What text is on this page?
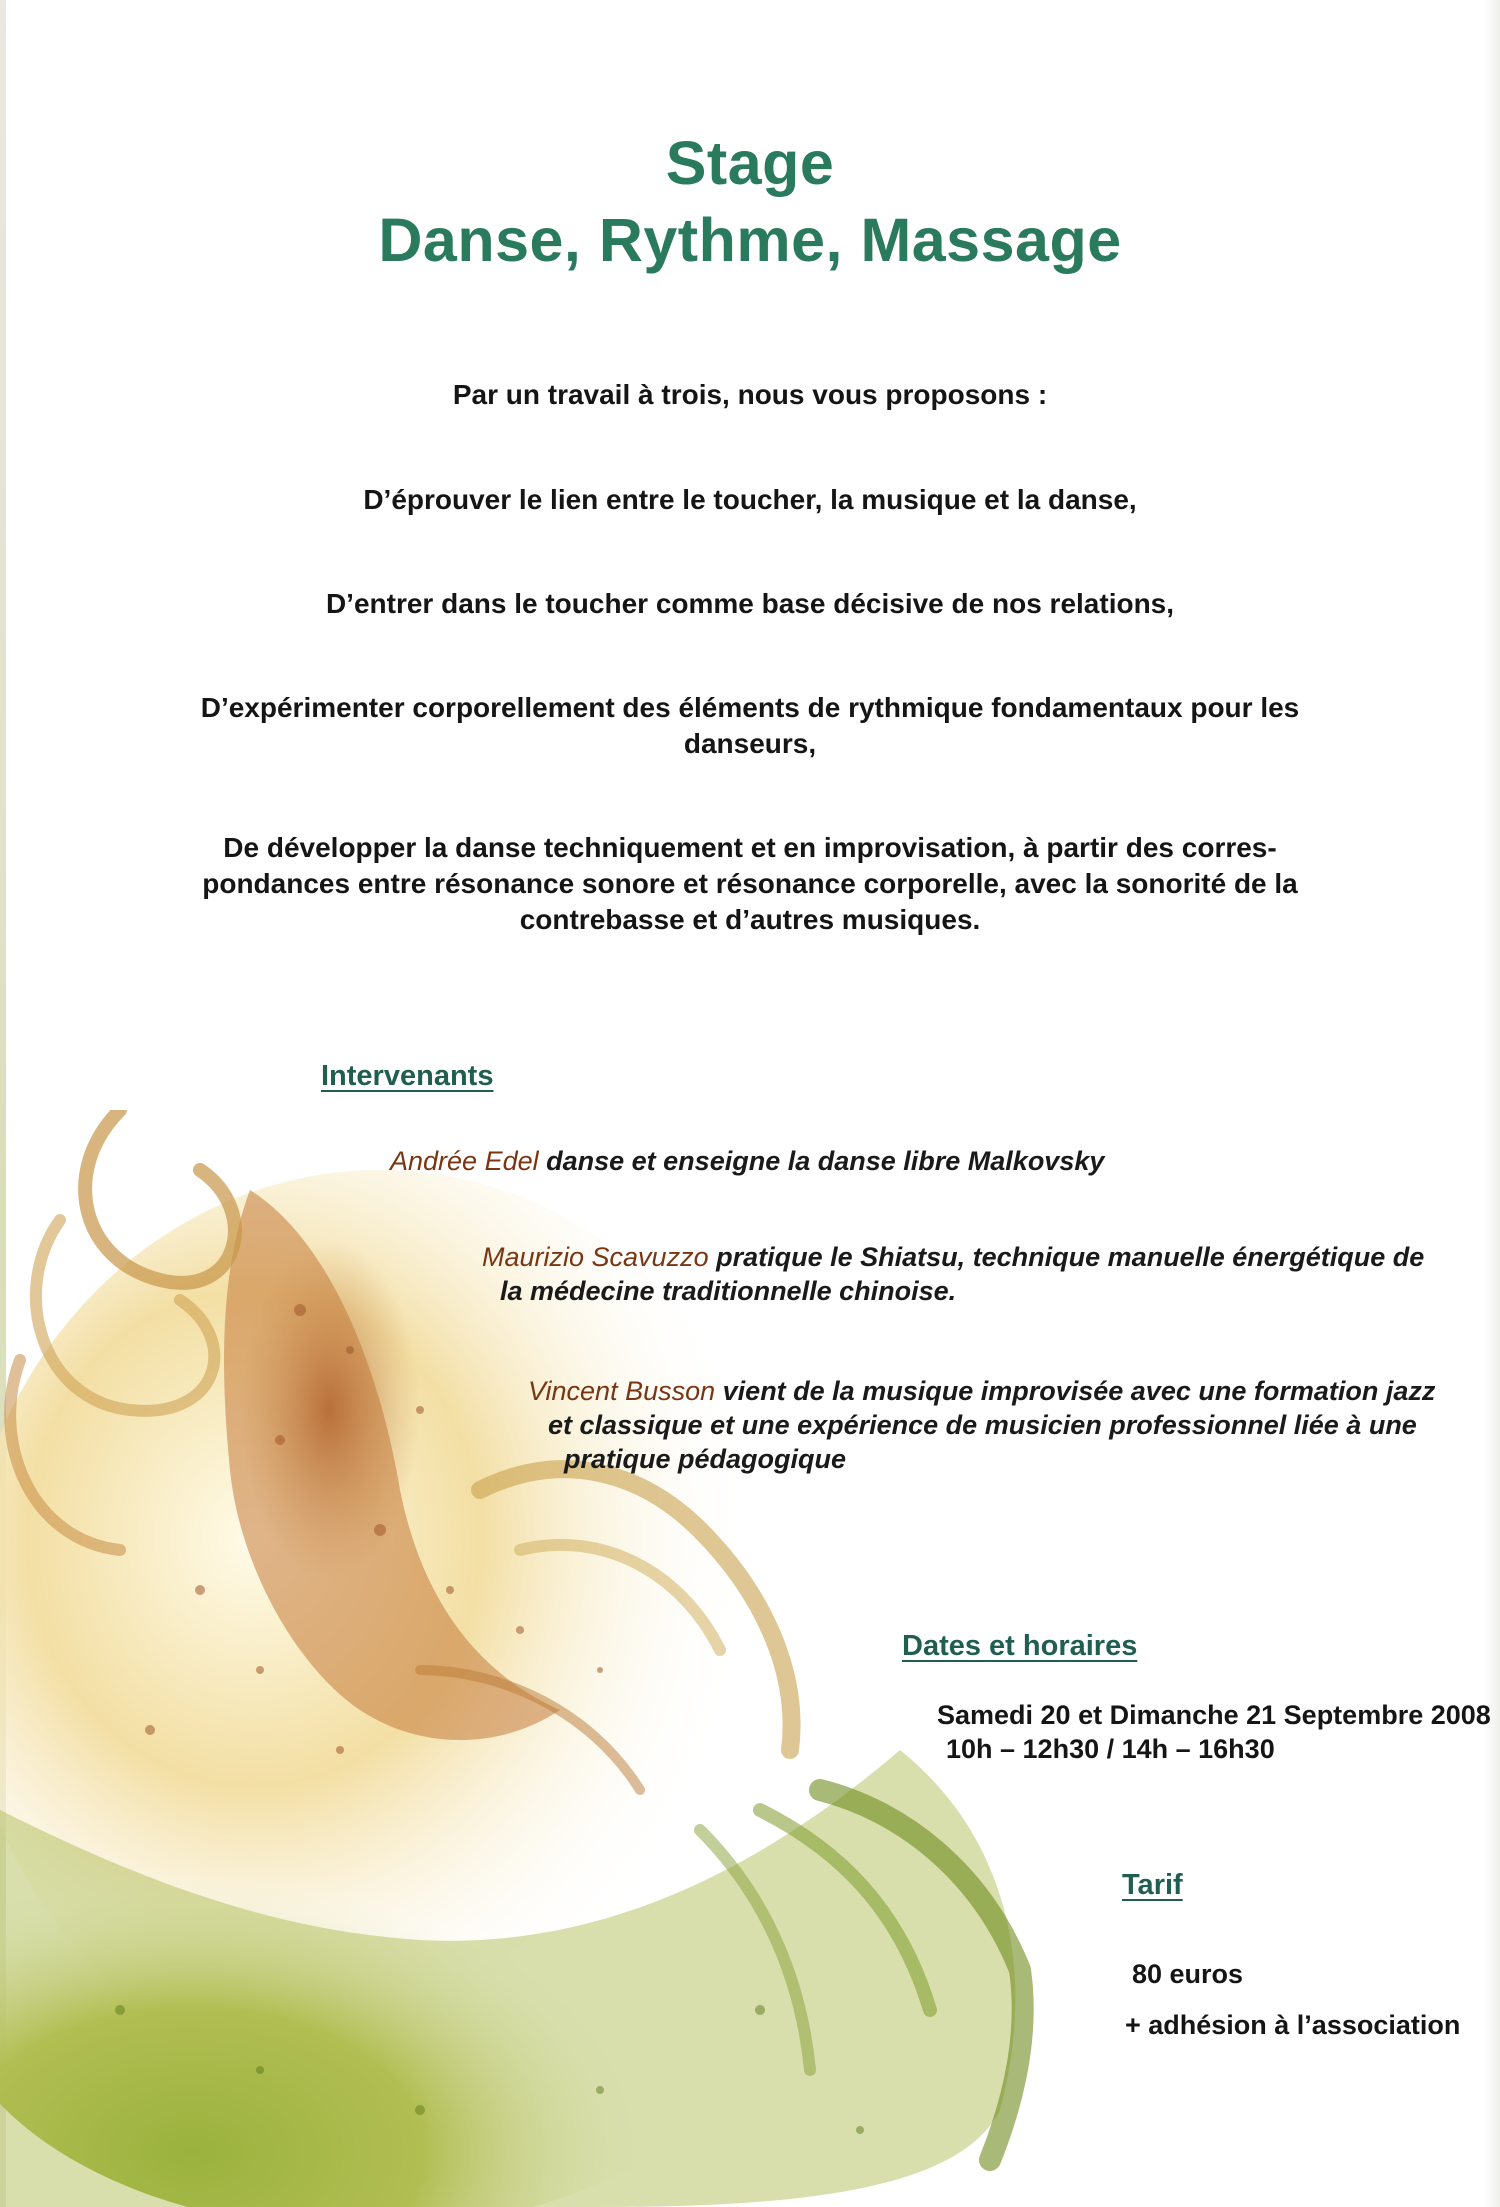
Stage
Danse, Rythme, Massage

Par un travail à trois, nous vous proposons :

D’éprouver le lien entre le toucher, la musique et la danse,

D’entrer dans le toucher comme base décisive de nos relations,

D’expérimenter corporellement des éléments de rythmique fondamentaux pour les danseurs,

De développer la danse techniquement et en improvisation, à partir des corres-pondances entre résonance sonore et résonance corporelle, avec la sonorité de la contrebasse et d’autres musiques.

Intervenants

Andrée Edel danse et enseigne la danse libre Malkovsky

Maurizio Scavuzzo pratique le Shiatsu, technique manuelle énergétique de
la médecine traditionnelle chinoise.

Vincent Busson vient de la musique improvisée avec une formation jazz
et classique et une expérience de musicien professionnel liée à une
pratique pédagogique

Dates et horaires

Samedi 20 et Dimanche 21 Septembre 2008

10h – 12h30 / 14h – 16h30

Tarif

80 euros

+ adhésion à l’association
